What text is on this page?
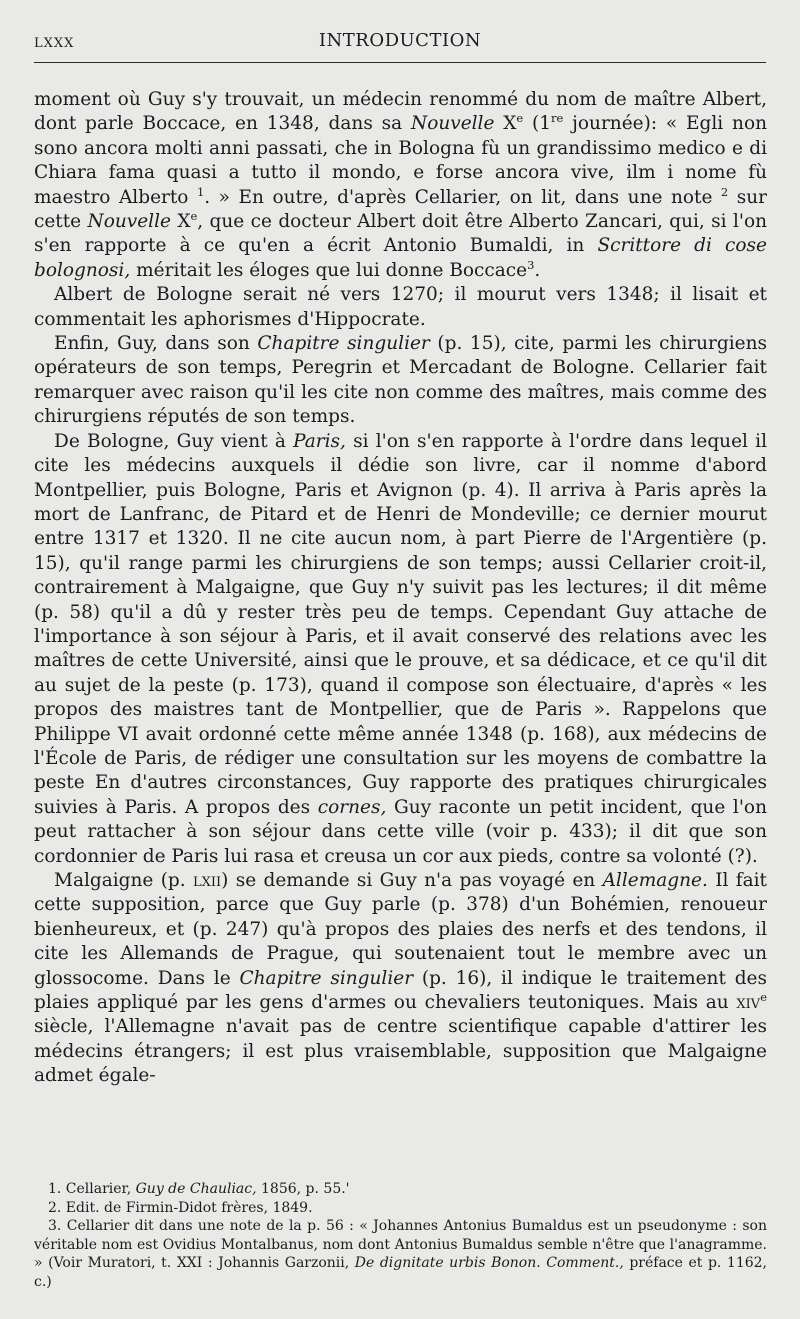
LXXX	INTRODUCTION

moment où Guy s'y trouvait, un médecin renommé du nom de maître Albert, dont parle Boccace, en 1348, dans sa Nouvelle Xe (1re journée): « Egli non sono ancora molti anni passati, che in Bologna fù un grandissimo medico e di Chiara fama quasi a tutto il mondo, e forse ancora vive, ilm i nome fù maestro Alberto $^1$. » En outre, d'après Cellarier, on lit, dans une note $^2$ sur cette Nouvelle Xe, que ce docteur Albert doit être Alberto Zancari, qui, si l'on s'en rapporte à ce qu'en a écrit Antonio Bumaldi, in Scrittore di cose bolognosi, méritait les éloges que lui donne Boccace$^3$.

Albert de Bologne serait né vers 1270; il mourut vers 1348; il lisait et commentait les aphorismes d'Hippocrate.

Enfin, Guy, dans son Chapitre singulier (p. 15), cite, parmi les chirurgiens opérateurs de son temps, Peregrin et Mercadant de Bologne. Cellarier fait remarquer avec raison qu'il les cite non comme des maîtres, mais comme des chirurgiens réputés de son temps.

De Bologne, Guy vient à Paris, si l'on s'en rapporte à l'ordre dans lequel il cite les médecins auxquels il dédie son livre, car il nomme d'abord Montpellier, puis Bologne, Paris et Avignon (p. 4). Il arriva à Paris après la mort de Lanfranc, de Pitard et de Henri de Mondeville; ce dernier mourut entre 1317 et 1320. Il ne cite aucun nom, à part Pierre de l'Argentière (p. 15), qu'il range parmi les chirurgiens de son temps; aussi Cellarier croit-il, contrairement à Malgaigne, que Guy n'y suivit pas les lectures; il dit même (p. 58) qu'il a dû y rester très peu de temps. Cependant Guy attache de l'importance à son séjour à Paris, et il avait conservé des relations avec les maîtres de cette Université, ainsi que le prouve, et sa dédicace, et ce qu'il dit au sujet de la peste (p. 173), quand il compose son électuaire, d'après « les propos des maistres tant de Montpellier, que de Paris ». Rappelons que Philippe VI avait ordonné cette même année 1348 (p. 168), aux médecins de l'École de Paris, de rédiger une consultation sur les moyens de combattre la peste En d'autres circonstances, Guy rapporte des pratiques chirurgicales suivies à Paris. A propos des cornes, Guy raconte un petit incident, que l'on peut rattacher à son séjour dans cette ville (voir p. 433); il dit que son cordonnier de Paris lui rasa et creusa un cor aux pieds, contre sa volonté (?).

Malgaigne (p. lxii) se demande si Guy n'a pas voyagé en Allemagne. Il fait cette supposition, parce que Guy parle (p. 378) d'un Bohémien, renoueur bienheureux, et (p. 247) qu'à propos des plaies des nerfs et des tendons, il cite les Allemands de Prague, qui soutenaient tout le membre avec un glossocome. Dans le Chapitre singulier (p. 16), il indique le traitement des plaies appliqué par les gens d'armes ou chevaliers teutoniques. Mais au xiv$^e$ siècle, l'Allemagne n'avait pas de centre scientifique capable d'attirer les médecins étrangers; il est plus vraisemblable, supposition que Malgaigne admet égale-

1. Cellarier, Guy de Chauliac, 1856, p. 55.'

2. Edit. de Firmin-Didot frères, 1849.

3. Cellarier dit dans une note de la p. 56 : « Johannes Antonius Bumaldus est un pseudonyme : son véritable nom est Ovidius Montalbanus, nom dont Antonius Bumaldus semble n'être que l'anagramme. » (Voir Muratori, t. XXI : Johannis Garzonii, De dignitate urbis Bonon. Comment., préface et p. 1162, c.)
